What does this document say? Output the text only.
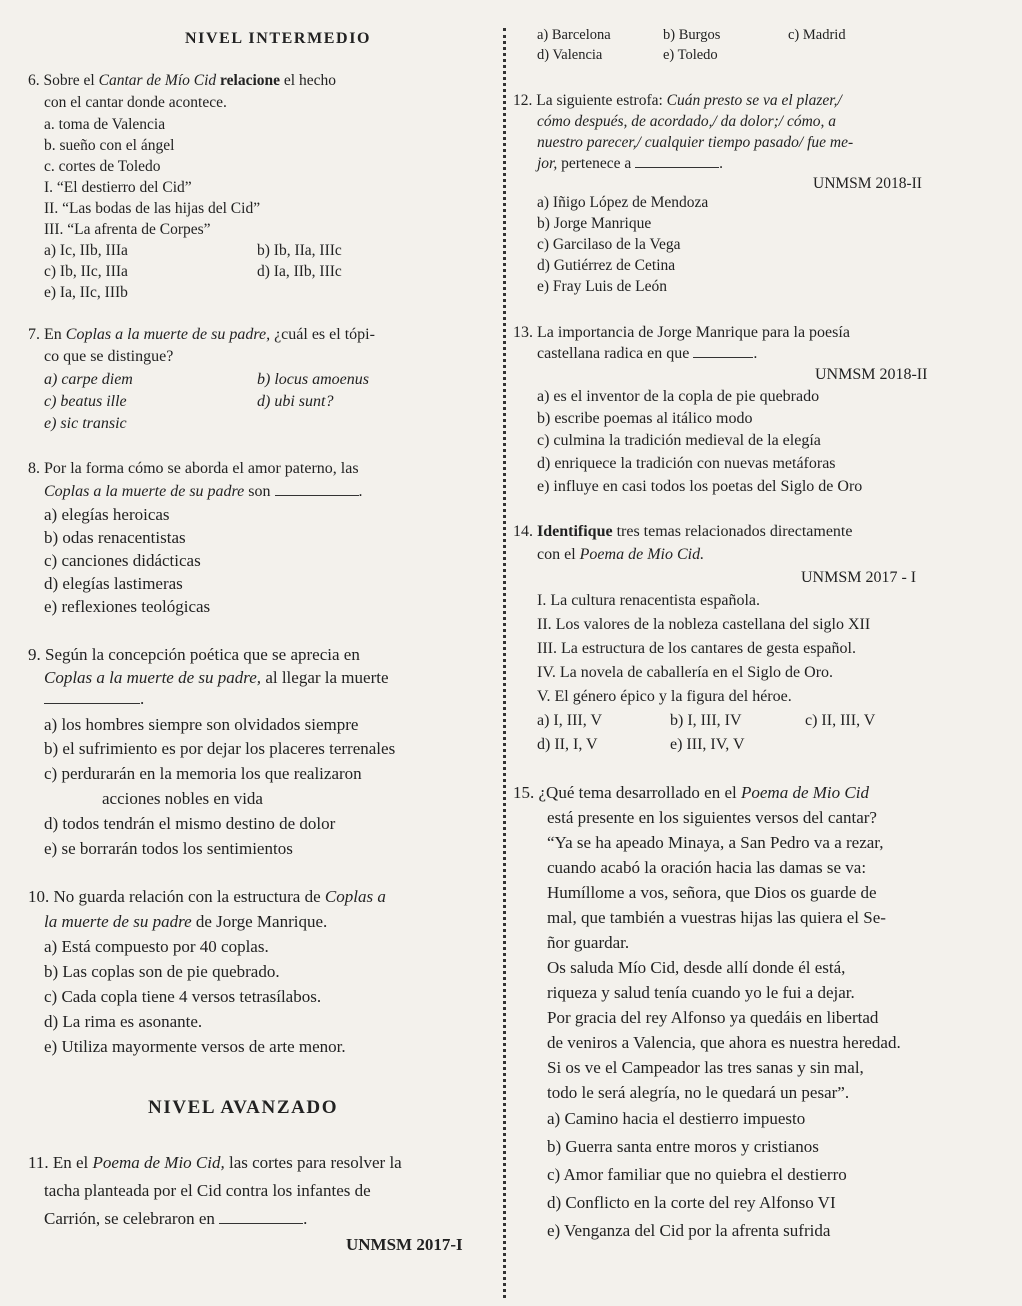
NIVEL INTERMEDIO
6. Sobre el Cantar de Mío Cid relacione el hecho
con el cantar donde acontece.
a. toma de Valencia
b. sueño con el ángel
c. cortes de Toledo
I. “El destierro del Cid”
II. “Las bodas de las hijas del Cid”
III. “La afrenta de Corpes”
a) Ic, IIb, IIIa	b) Ib, IIa, IIIc
c) Ib, IIc, IIIa	d) Ia, IIb, IIIc
e) Ia, IIc, IIIb
7. En Coplas a la muerte de su padre, ¿cuál es el tópi-
co que se distingue?
a) carpe diem	b) locus amoenus
c) beatus ille	d) ubi sunt?
e) sic transic
8. Por la forma cómo se aborda el amor paterno, las
Coplas a la muerte de su padre son	.
a) elegías heroicas
b) odas renacentistas
c) canciones didácticas
d) elegías lastimeras
e) reflexiones teológicas
9. Según la concepción poética que se aprecia en
Coplas a la muerte de su padre, al llegar la muerte
.
a) los hombres siempre son olvidados siempre
b) el sufrimiento es por dejar los placeres terrenales
c) perdurarán en la memoria los que realizaron
acciones nobles en vida
d) todos tendrán el mismo destino de dolor
e) se borrarán todos los sentimientos
10. No guarda relación con la estructura de Coplas a
la muerte de su padre de Jorge Manrique.
a) Está compuesto por 40 coplas.
b) Las coplas son de pie quebrado.
c) Cada copla tiene 4 versos tetrasílabos.
d) La rima es asonante.
e) Utiliza mayormente versos de arte menor.
NIVEL AVANZADO
11. En el Poema de Mio Cid, las cortes para resolver la
tacha planteada por el Cid contra los infantes de
Carrión, se celebraron en	.
UNMSM 2017-I
a) Barcelona	b) Burgos	c) Madrid
d) Valencia	e) Toledo
12. La siguiente estrofa: Cuán presto se va el plazer,/
cómo después, de acordado,/ da dolor;/ cómo, a
nuestro parecer,/ cualquier tiempo pasado/ fue me-
jor, pertenece a	.
UNMSM 2018-II
a) Iñigo López de Mendoza
b) Jorge Manrique
c) Garcilaso de la Vega
d) Gutiérrez de Cetina
e) Fray Luis de León
13. La importancia de Jorge Manrique para la poesía
castellana radica en que	.
UNMSM 2018-II
a) es el inventor de la copla de pie quebrado
b) escribe poemas al itálico modo
c) culmina la tradición medieval de la elegía
d) enriquece la tradición con nuevas metáforas
e) influye en casi todos los poetas del Siglo de Oro
14. Identifique tres temas relacionados directamente
con el Poema de Mio Cid.
UNMSM 2017 - I
I. La cultura renacentista española.
II. Los valores de la nobleza castellana del siglo XII
III. La estructura de los cantares de gesta español.
IV. La novela de caballería en el Siglo de Oro.
V. El género épico y la figura del héroe.
a) I, III, V	b) I, III, IV	c) II, III, V
d) II, I, V	e) III, IV, V
15. ¿Qué tema desarrollado en el Poema de Mio Cid
está presente en los siguientes versos del cantar?
“Ya se ha apeado Minaya, a San Pedro va a rezar,
cuando acabó la oración hacia las damas se va:
Humíllome a vos, señora, que Dios os guarde de
mal, que también a vuestras hijas las quiera el Se-
ñor guardar.
Os saluda Mío Cid, desde allí donde él está,
riqueza y salud tenía cuando yo le fui a dejar.
Por gracia del rey Alfonso ya quedáis en libertad
de veniros a Valencia, que ahora es nuestra heredad.
Si os ve el Campeador las tres sanas y sin mal,
todo le será alegría, no le quedará un pesar”.
a) Camino hacia el destierro impuesto
b) Guerra santa entre moros y cristianos
c) Amor familiar que no quiebra el destierro
d) Conflicto en la corte del rey Alfonso VI
e) Venganza del Cid por la afrenta sufrida
